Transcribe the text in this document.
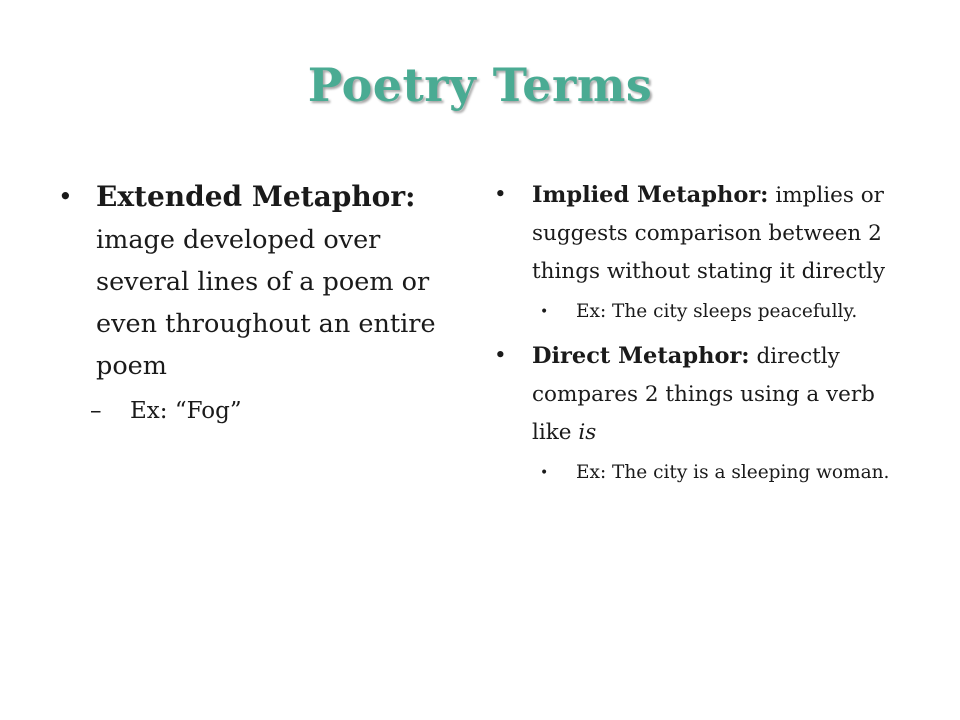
Poetry Terms
• Extended Metaphor: image developed over several lines of a poem or even throughout an entire poem
– Ex: “Fog”
• Implied Metaphor: implies or suggests comparison between 2 things without stating it directly
• Ex: The city sleeps peacefully.
• Direct Metaphor: directly compares 2 things using a verb like is
• Ex: The city is a sleeping woman.
